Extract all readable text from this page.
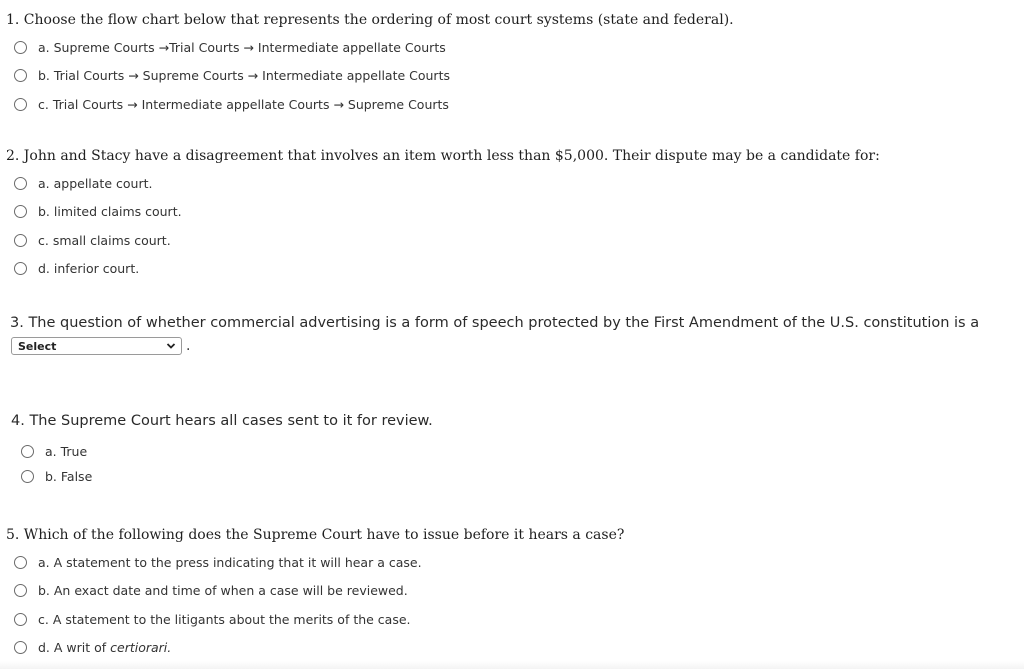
1. Choose the flow chart below that represents the ordering of most court systems (state and federal).
a. Supreme Courts →Trial Courts → Intermediate appellate Courts
b. Trial Courts → Supreme Courts → Intermediate appellate Courts
c. Trial Courts → Intermediate appellate Courts → Supreme Courts
2. John and Stacy have a disagreement that involves an item worth less than $5,000. Their dispute may be a candidate for:
a. appellate court.
b. limited claims court.
c. small claims court.
d. inferior court.
3. The question of whether commercial advertising is a form of speech protected by the First Amendment of the U.S. constitution is a
Select	.
4. The Supreme Court hears all cases sent to it for review.
a. True
b. False
5. Which of the following does the Supreme Court have to issue before it hears a case?
a. A statement to the press indicating that it will hear a case.
b. An exact date and time of when a case will be reviewed.
c. A statement to the litigants about the merits of the case.
d. A writ of certiorari.
